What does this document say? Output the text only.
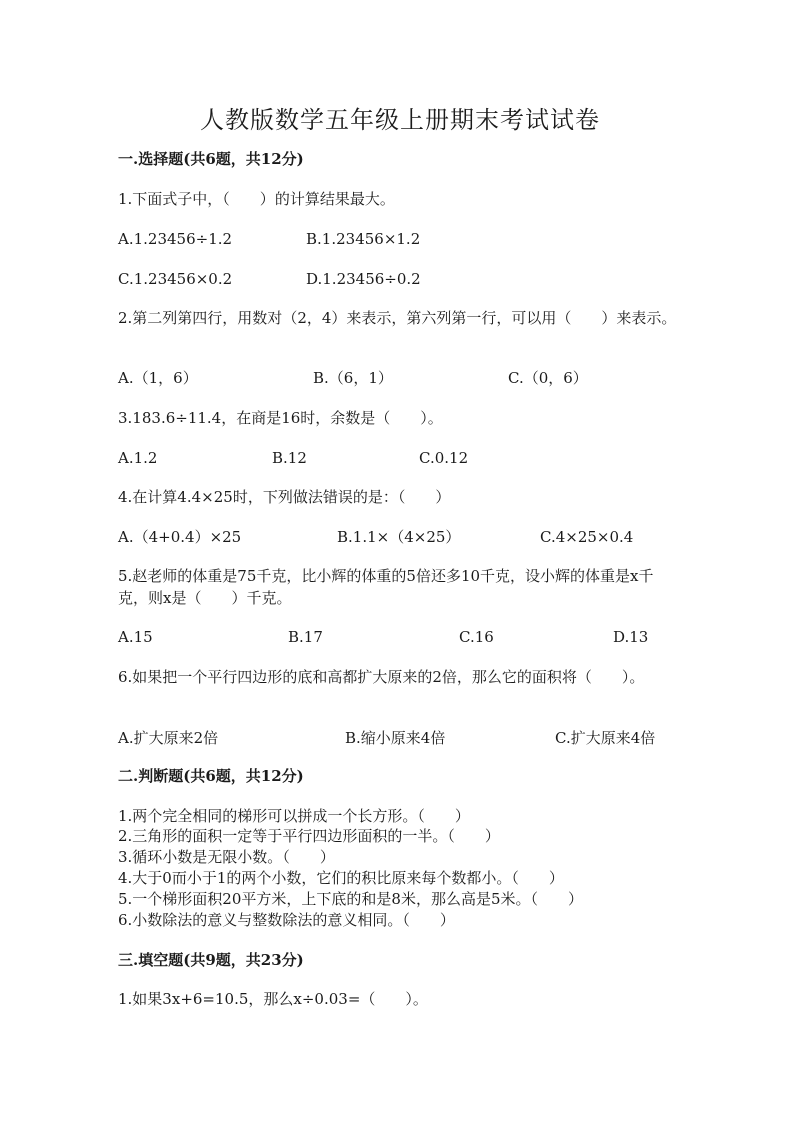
人教版数学五年级上册期末考试试卷
一.选择题(共6题，共12分)
1.下面式子中，（　　）的计算结果最大。
A.1.23456÷1.2	B.1.23456×1.2
C.1.23456×0.2	D.1.23456÷0.2
2.第二列第四行，用数对（2，4）来表示，第六列第一行，可以用（　　）来表示。
A.（1，6）	B.（6，1）	C.（0，6）
3.183.6÷11.4，在商是16时，余数是（　　）。
A.1.2	B.12	C.0.12
4.在计算4.4×25时，下列做法错误的是：（　　）
A.（4+0.4）×25	B.1.1×（4×25）	C.4×25×0.4
5.赵老师的体重是75千克，比小辉的体重的5倍还多10千克，设小辉的体重是x千克，则x是（　　）千克。
A.15	B.17	C.16	D.13
6.如果把一个平行四边形的底和高都扩大原来的2倍，那么它的面积将（　　）。
A.扩大原来2倍	B.缩小原来4倍	C.扩大原来4倍
二.判断题(共6题，共12分)
1.两个完全相同的梯形可以拼成一个长方形。（　　）
2.三角形的面积一定等于平行四边形面积的一半。（　　）
3.循环小数是无限小数。（　　）
4.大于0而小于1的两个小数，它们的积比原来每个数都小。（　　）
5.一个梯形面积20平方米，上下底的和是8米，那么高是5米。（　　）
6.小数除法的意义与整数除法的意义相同。（　　）
三.填空题(共9题，共23分)
1.如果3x+6=10.5，那么x÷0.03=（　　）。
